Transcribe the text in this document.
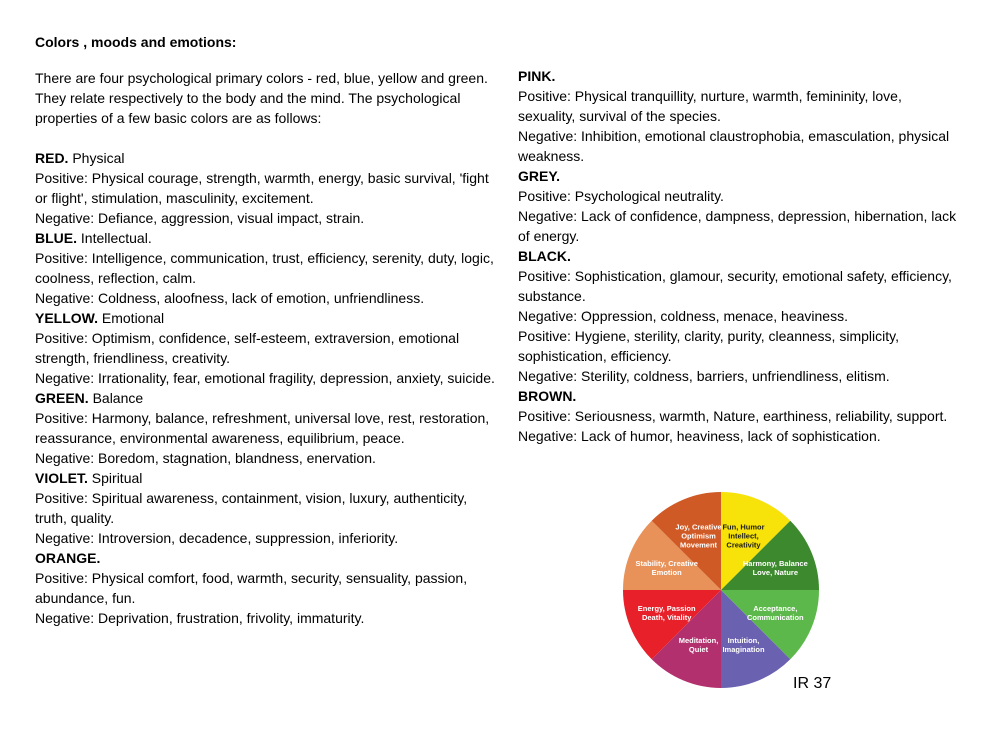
Colors , moods and emotions:

There are four psychological primary colors - red, blue, yellow and green. They relate respectively to the body and the mind. The psychological properties of a few basic colors are as follows:

RED. Physical

Positive: Physical courage, strength, warmth, energy, basic survival, 'fight or flight', stimulation, masculinity, excitement.

Negative: Defiance, aggression, visual impact, strain.

BLUE. Intellectual.

Positive: Intelligence, communication, trust, efficiency, serenity, duty, logic, coolness, reflection, calm.

Negative: Coldness, aloofness, lack of emotion, unfriendliness.

YELLOW. Emotional

Positive: Optimism, confidence, self-esteem, extraversion, emotional strength, friendliness, creativity.

Negative: Irrationality, fear, emotional fragility, depression, anxiety, suicide.

GREEN. Balance

Positive: Harmony, balance, refreshment, universal love, rest, restoration, reassurance, environmental awareness, equilibrium, peace.

Negative: Boredom, stagnation, blandness, enervation.

VIOLET. Spiritual

Positive: Spiritual awareness, containment, vision, luxury, authenticity, truth, quality.

Negative: Introversion, decadence, suppression, inferiority.

ORANGE.

Positive: Physical comfort, food, warmth, security, sensuality, passion, abundance, fun.

Negative: Deprivation, frustration, frivolity, immaturity.

PINK.

Positive: Physical tranquillity, nurture, warmth, femininity, love, sexuality, survival of the species.

Negative: Inhibition, emotional claustrophobia, emasculation, physical weakness.

GREY.

Positive: Psychological neutrality.

Negative: Lack of confidence, dampness, depression, hibernation, lack of energy.

BLACK.

Positive: Sophistication, glamour, security, emotional safety, efficiency, substance.

Negative: Oppression, coldness, menace, heaviness.

Positive: Hygiene, sterility, clarity, purity, cleanness, simplicity, sophistication, efficiency.

Negative: Sterility, coldness, barriers, unfriendliness, elitism.

BROWN.

Positive: Seriousness, warmth, Nature, earthiness, reliability, support.

Negative: Lack of humor, heaviness, lack of sophistication.

Fun, Humor Intellect, Creativity
Harmony, Balance Love, Nature
Acceptance, Communication
Intuition, Imagination
Meditation, Quiet
Energy, Passion Death, Vitality
Stability, Creative Emotion
Joy, Creative Optimism Movement
IR 37
